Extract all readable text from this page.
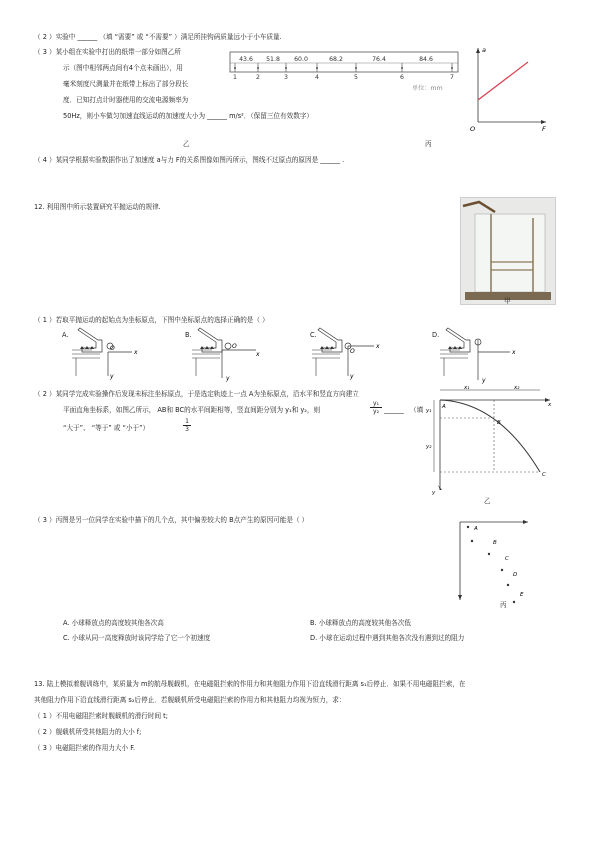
（ 2 ）实验中 ______ （填 “需要” 或 “不需要” ）满足所挂钩码质量远小于小车质量.
（ 3 ）某小组在实验中打出的纸带一部分如图乙所
示（图中相邻两点间有4个点未画出），用
毫米刻度尺测量并在纸带上标出了部分段长
度．已知打点计时器使用的交流电源频率为
50Hz，则小车做匀加速直线运动的加速度大小为 ______ m/s²．（保留三位有效数字）
43.6 51.8 60.0	68.2	76.4	84.6
1	2	3	4	5	6	7
单位：mm
a
F
O
乙	丙
（ 4 ）某同学根据实验数据作出了加速度 a与力 F的关系图像如图丙所示，图线不过原点的原因是 ______ .
12. 利用图中所示装置研究平抛运动的规律.
甲
（ 1 ）若取平抛运动的起始点为坐标原点，下图中坐标原点的选择正确的是（ ）
O
x
y
O
x
y
O
x
y
x
y
A.	B.	C.	D.
（ 2 ）某同学完成实验操作后发现未标注坐标原点，于是选定轨迹上一点 A为坐标原点，沿水平和竖直方向建立
平面直角坐标系，如图乙所示， AB和 BC的水平间距相等，竖直间距分别为 y₁和 y₂，则	$\frac{\text{y₁}}{\text{y₂}}$ ______ （填
“大于”、 “等于” 或 “小于”）	$\frac{1}{3}$
x₁	x₂
x
y
y₁
y₂
A
B
C
乙
（ 3 ）丙图是另一位同学在实验中描下的几个点，其中偏差较大的 B点产生的原因可能是（ ）
A
B
C
D
E
丙
A. 小球释放点的高度较其他各次高	B. 小球释放点的高度较其他各次低
C. 小球从同一高度释放时该同学给了它一个初速度	D. 小球在运动过程中遇到其他各次没有遇到过的阻力
13. 陆上模拟着舰训练中，某质量为 m的航母舰载机，在电磁阻拦索的作用力和其他阻力作用下沿直线滑行距离 s₁后停止．如果不用电磁阻拦索，在
其他阻力作用下沿直线滑行距离 s₂后停止．若舰载机所受电磁阻拦索的作用力和其他阻力均视为恒力，求：
（ 1 ）不用电磁阻拦索时舰载机的滑行时间 t;
（ 2 ）舰载机所受其他阻力的大小 f;
（ 3 ）电磁阻拦索的作用力大小 F.
